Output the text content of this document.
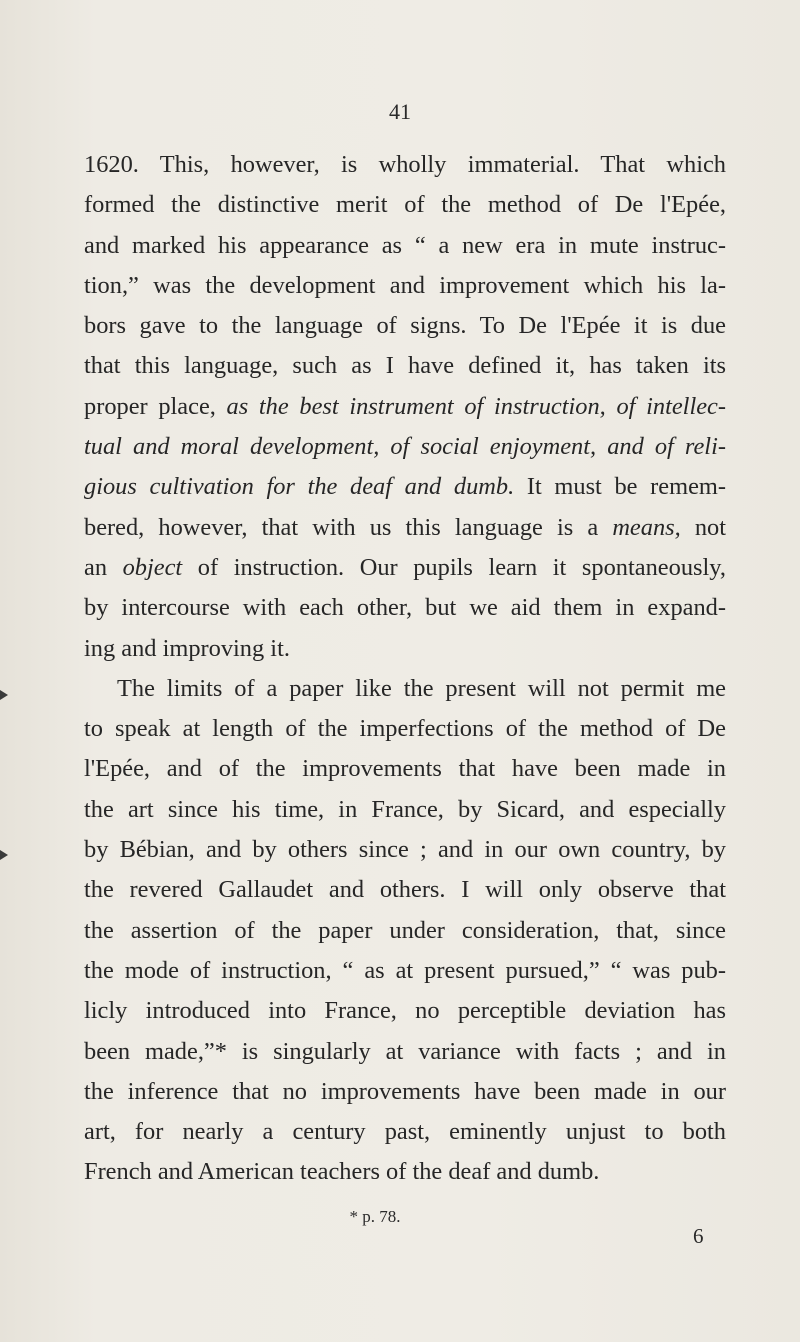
41
1620. This, however, is wholly immaterial. That which
formed the distinctive merit of the method of De l'Epée,
and marked his appearance as “ a new era in mute instruc-
tion,” was the development and improvement which his la-
bors gave to the language of signs. To De l'Epée it is due
that this language, such as I have defined it, has taken its
proper place, as the best instrument of instruction, of intellec-
tual and moral development, of social enjoyment, and of reli-
gious cultivation for the deaf and dumb. It must be remem-
bered, however, that with us this language is a means, not
an object of instruction. Our pupils learn it spontaneously,
by intercourse with each other, but we aid them in expand-
ing and improving it.
The limits of a paper like the present will not permit me
to speak at length of the imperfections of the method of De
l'Epée, and of the improvements that have been made in
the art since his time, in France, by Sicard, and especially
by Bébian, and by others since ; and in our own country, by
the revered Gallaudet and others. I will only observe that
the assertion of the paper under consideration, that, since
the mode of instruction, “ as at present pursued,” “ was pub-
licly introduced into France, no perceptible deviation has
been made,”* is singularly at variance with facts ; and in
the inference that no improvements have been made in our
art, for nearly a century past, eminently unjust to both
French and American teachers of the deaf and dumb.
* p. 78.
6
